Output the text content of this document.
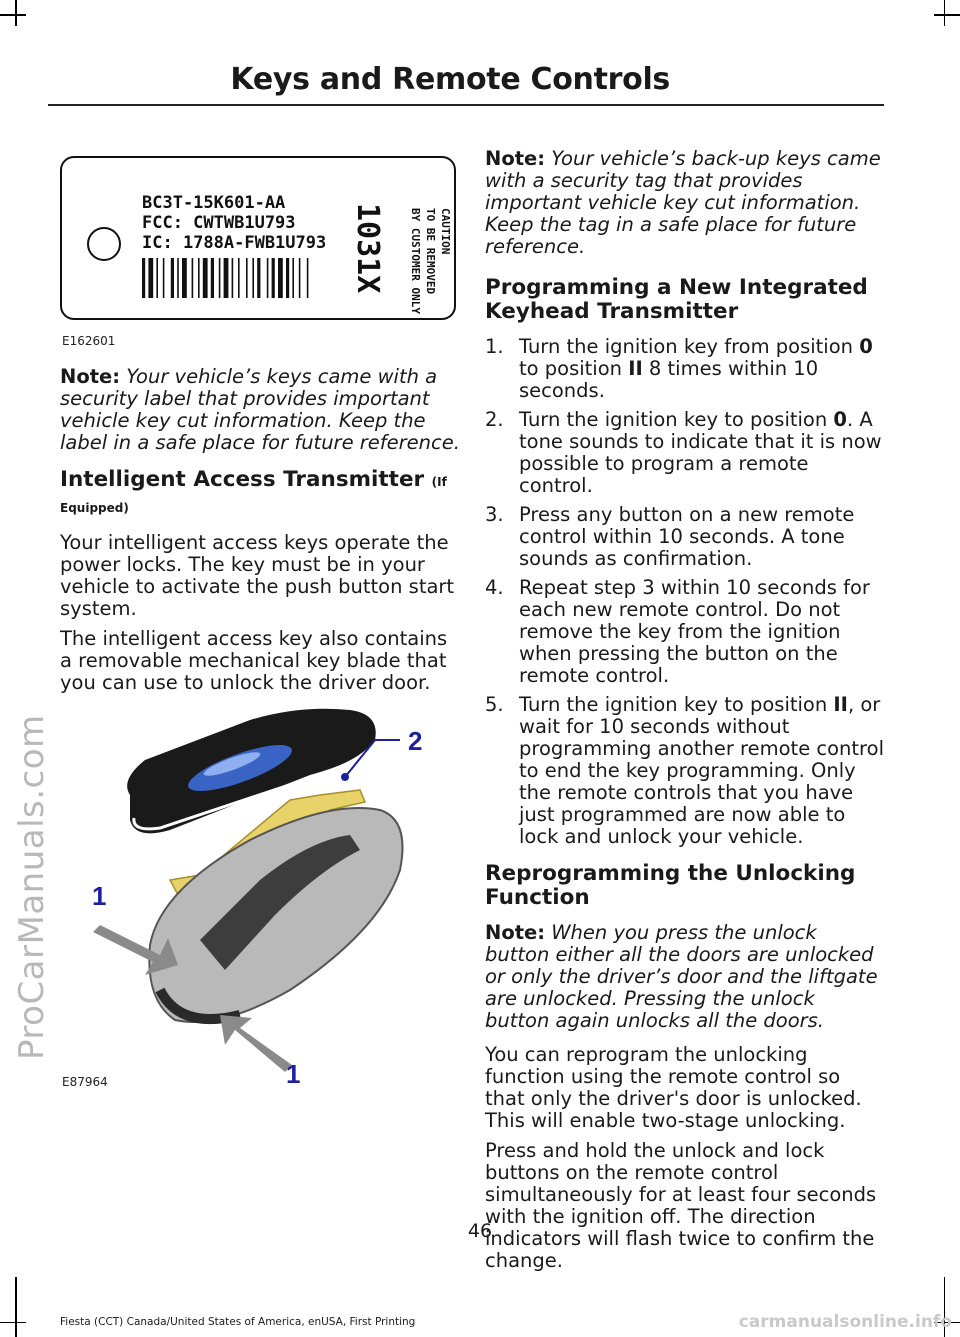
Keys and Remote Controls
ProCarManuals.com
BC3T-15K601-AA
FCC: CWTWB1U793
IC: 1788A-FWB1U793 1031X	CAUTION
TO BE REMOVED
BY CUSTOMER ONLY
E162601

Note: Your vehicle’s keys came with a security label that provides important vehicle key cut information. Keep the label in a safe place for future reference.

Intelligent Access Transmitter (If Equipped)

Your intelligent access keys operate the power locks. The key must be in your vehicle to activate the push button start system.

The intelligent access key also contains a removable mechanical key blade that you can use to unlock the driver door.

2
1
1
E87964

Note: Your vehicle’s back-up keys came with a security tag that provides important vehicle key cut information. Keep the tag in a safe place for future reference.

Programming a New Integrated Keyhead Transmitter
1. Turn the ignition key from position 0 to position II 8 times within 10 seconds.
2. Turn the ignition key to position 0. A tone sounds to indicate that it is now possible to program a remote control.
3. Press any button on a new remote control within 10 seconds. A tone sounds as confirmation.
4. Repeat step 3 within 10 seconds for each new remote control. Do not remove the key from the ignition when pressing the button on the remote control.
5. Turn the ignition key to position II, or wait for 10 seconds without programming another remote control to end the key programming. Only the remote controls that you have just programmed are now able to lock and unlock your vehicle.
Reprogramming the Unlocking Function

Note: When you press the unlock button either all the doors are unlocked or only the driver’s door and the liftgate are unlocked. Pressing the unlock button again unlocks all the doors.

You can reprogram the unlocking function using the remote control so that only the driver's door is unlocked. This will enable two-stage unlocking.

Press and hold the unlock and lock buttons on the remote control simultaneously for at least four seconds with the ignition off. The direction indicators will flash twice to confirm the change.

46
Fiesta (CCT) Canada/United States of America, enUSA, First Printing	carmanualsonline.info
